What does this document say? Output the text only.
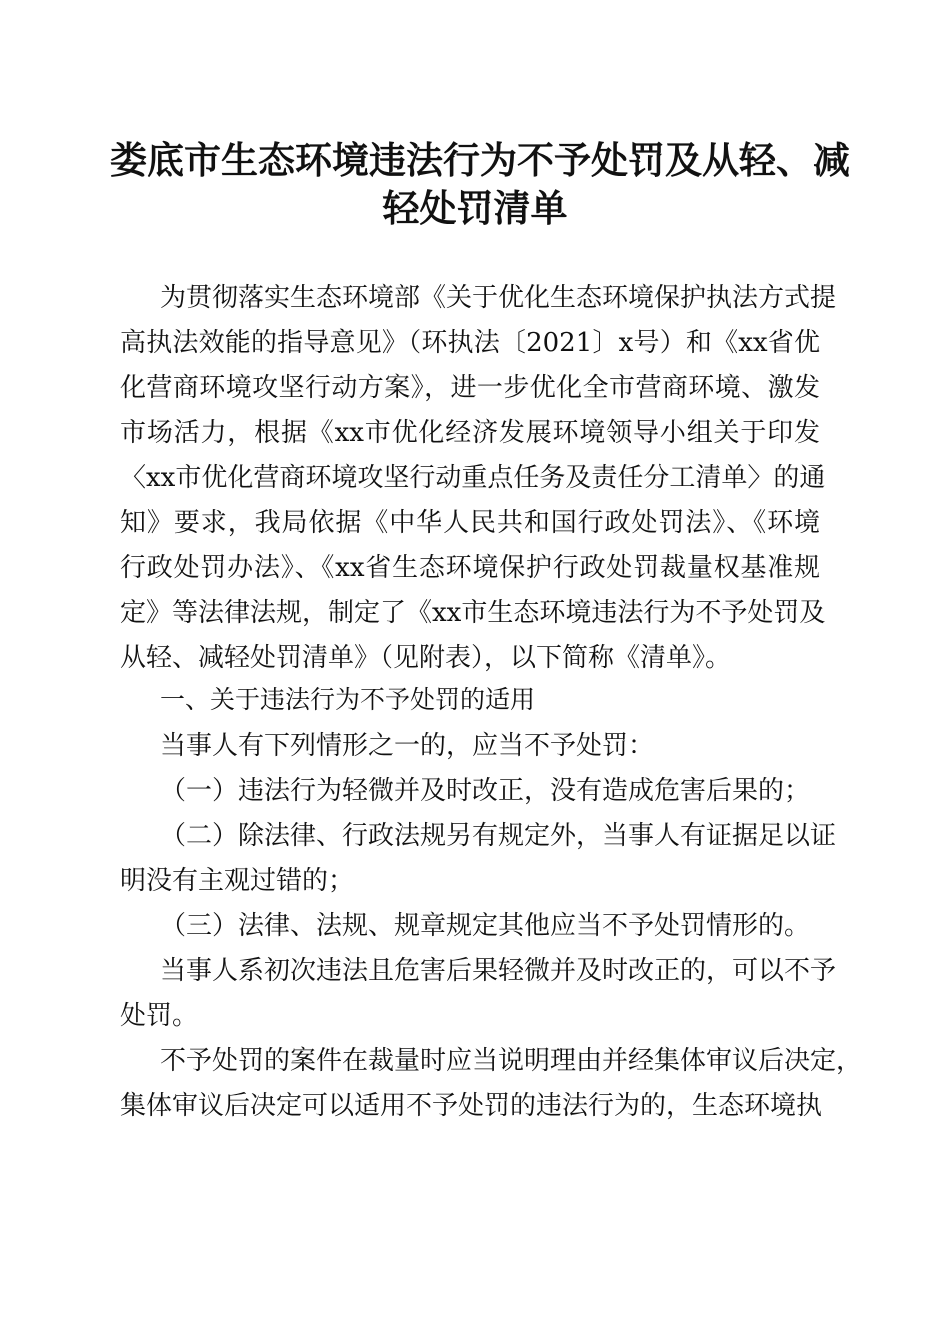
娄底市生态环境违法行为不予处罚及从轻、减
轻处罚清单
为贯彻落实生态环境部《关于优化生态环境保护执法方式提
高执法效能的指导意见》（环执法〔2021〕x号）和《xx省优
化营商环境攻坚行动方案》，进一步优化全市营商环境、激发
市场活力，根据《xx市优化经济发展环境领导小组关于印发
〈xx市优化营商环境攻坚行动重点任务及责任分工清单〉的通
知》要求，我局依据《中华人民共和国行政处罚法》、《环境
行政处罚办法》、《xx省生态环境保护行政处罚裁量权基准规
定》等法律法规，制定了《xx市生态环境违法行为不予处罚及
从轻、减轻处罚清单》（见附表），以下简称《清单》。
一、关于违法行为不予处罚的适用
当事人有下列情形之一的，应当不予处罚：
（一）违法行为轻微并及时改正，没有造成危害后果的；
（二）除法律、行政法规另有规定外，当事人有证据足以证
明没有主观过错的；
（三）法律、法规、规章规定其他应当不予处罚情形的。
当事人系初次违法且危害后果轻微并及时改正的，可以不予
处罚。
不予处罚的案件在裁量时应当说明理由并经集体审议后决定，
集体审议后决定可以适用不予处罚的违法行为的，生态环境执
